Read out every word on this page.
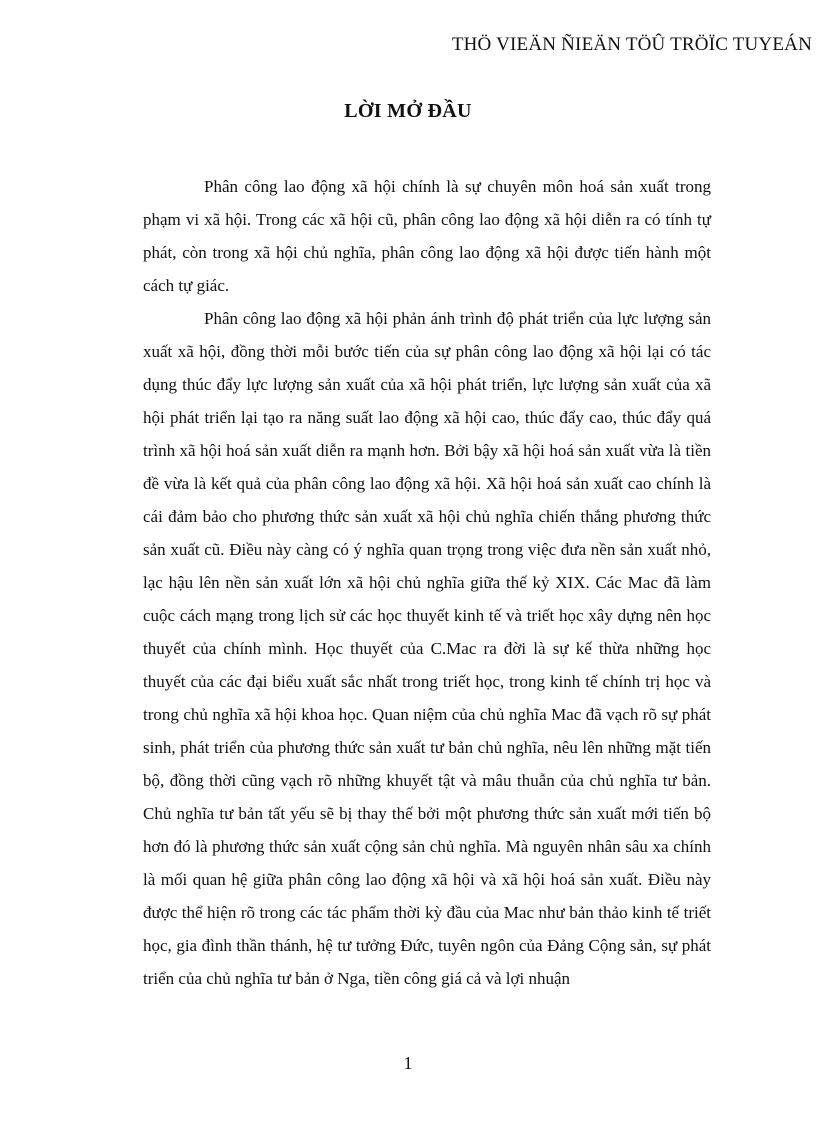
THÖ VIEÄN ÑIEÄN TÖÛ TRÖÏC TUYEÁN
LỜI MỞ ĐẦU

Phân công lao động xã hội chính là sự chuyên môn hoá sản xuất trong phạm vi xã hội. Trong các xã hội cũ, phân công lao động xã hội diễn ra có tính tự phát, còn trong xã hội chủ nghĩa, phân công lao động xã hội được tiến hành một cách tự giác.

Phân công lao động xã hội phản ánh trình độ phát triển của lực lượng sản xuất xã hội, đồng thời mỗi bước tiến của sự phân công lao động xã hội lại có tác dụng thúc đẩy lực lượng sản xuất của xã hội phát triển, lực lượng sản xuất của xã hội phát triển lại tạo ra năng suất lao động xã hội cao, thúc đẩy cao, thúc đẩy quá trình xã hội hoá sản xuất diễn ra mạnh hơn. Bởi bậy xã hội hoá sản xuất vừa là tiền đề vừa là kết quả của phân công lao động xã hội. Xã hội hoá sản xuất cao chính là cái đảm bảo cho phương thức sản xuất xã hội chủ nghĩa chiến thắng phương thức sản xuất cũ. Điều này càng có ý nghĩa quan trọng trong việc đưa nền sản xuất nhỏ, lạc hậu lên nền sản xuất lớn xã hội chủ nghĩa giữa thế kỷ XIX. Các Mac đã làm cuộc cách mạng trong lịch sử các học thuyết kinh tế và triết học xây dựng nên học thuyết của chính mình. Học thuyết của C.Mac ra đời là sự kế thừa những học thuyết của các đại biểu xuất sắc nhất trong triết học, trong kinh tế chính trị học và trong chủ nghĩa xã hội khoa học. Quan niệm của chủ nghĩa Mac đã vạch rõ sự phát sinh, phát triển của phương thức sản xuất tư bản chủ nghĩa, nêu lên những mặt tiến bộ, đồng thời cũng vạch rõ những khuyết tật và mâu thuẫn của chủ nghĩa tư bản. Chủ nghĩa tư bản tất yếu sẽ bị thay thế bởi một phương thức sản xuất mới tiến bộ hơn đó là phương thức sản xuất cộng sản chủ nghĩa. Mà nguyên nhân sâu xa chính là mối quan hệ giữa phân công lao động xã hội và xã hội hoá sản xuất. Điều này được thể hiện rõ trong các tác phẩm thời kỳ đầu của Mac như bản thảo kinh tế triết học, gia đình thần thánh, hệ tư tưởng Đức, tuyên ngôn của Đảng Cộng sản, sự phát triển của chủ nghĩa tư bản ở Nga, tiền công giá cả và lợi nhuận

1
